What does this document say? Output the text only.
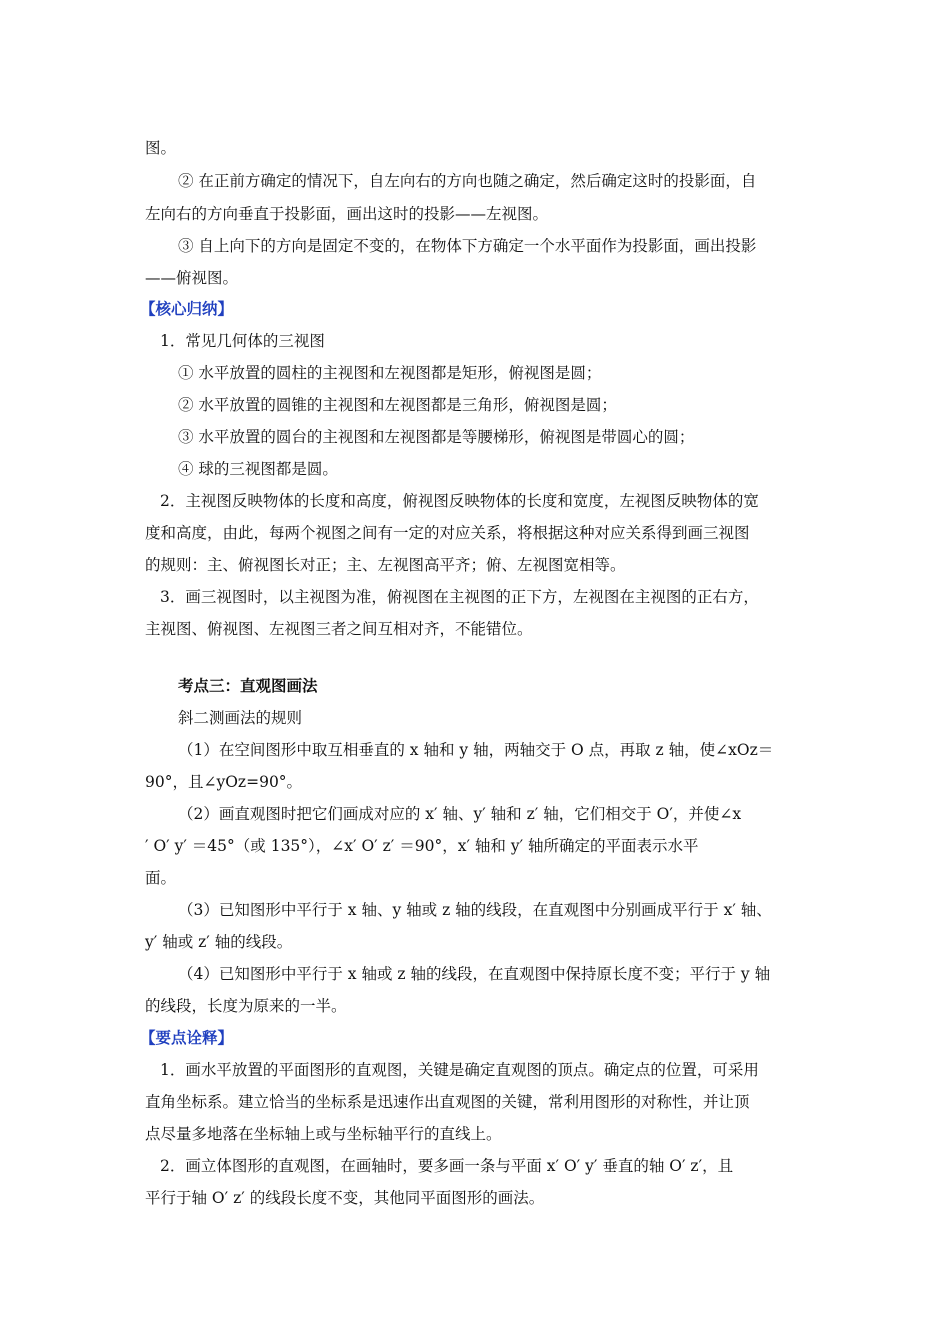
图。
② 在正前方确定的情况下，自左向右的方向也随之确定，然后确定这时的投影面，自
左向右的方向垂直于投影面，画出这时的投影——左视图。
③ 自上向下的方向是固定不变的，在物体下方确定一个水平面作为投影面，画出投影
——俯视图。
【核心归纳】
1．常见几何体的三视图
① 水平放置的圆柱的主视图和左视图都是矩形，俯视图是圆；
② 水平放置的圆锥的主视图和左视图都是三角形，俯视图是圆；
③ 水平放置的圆台的主视图和左视图都是等腰梯形，俯视图是带圆心的圆；
④ 球的三视图都是圆。
2．主视图反映物体的长度和高度，俯视图反映物体的长度和宽度，左视图反映物体的宽
度和高度，由此，每两个视图之间有一定的对应关系，将根据这种对应关系得到画三视图
的规则：主、俯视图长对正；主、左视图高平齐；俯、左视图宽相等。
3．画三视图时，以主视图为准，俯视图在主视图的正下方，左视图在主视图的正右方，
主视图、俯视图、左视图三者之间互相对齐，不能错位。
考点三：直观图画法
斜二测画法的规则
（1）在空间图形中取互相垂直的 x 轴和 y 轴，两轴交于 O 点，再取 z 轴，使∠xOz＝
90°，且∠yOz=90°。
（2）画直观图时把它们画成对应的 x′ 轴、y′ 轴和 z′ 轴，它们相交于 O′，并使∠x
′ O′ y′ ＝45°（或 135°），∠x′ O′ z′ ＝90°，x′ 轴和 y′ 轴所确定的平面表示水平
面。
（3）已知图形中平行于 x 轴、y 轴或 z 轴的线段，在直观图中分别画成平行于 x′ 轴、
y′ 轴或 z′ 轴的线段。
（4）已知图形中平行于 x 轴或 z 轴的线段，在直观图中保持原长度不变；平行于 y 轴
的线段，长度为原来的一半。
【要点诠释】
1．画水平放置的平面图形的直观图，关键是确定直观图的顶点。确定点的位置，可采用
直角坐标系。建立恰当的坐标系是迅速作出直观图的关键，常利用图形的对称性，并让顶
点尽量多地落在坐标轴上或与坐标轴平行的直线上。
2．画立体图形的直观图，在画轴时，要多画一条与平面 x′ O′ y′ 垂直的轴 O′ z′，且
平行于轴 O′ z′ 的线段长度不变，其他同平面图形的画法。
